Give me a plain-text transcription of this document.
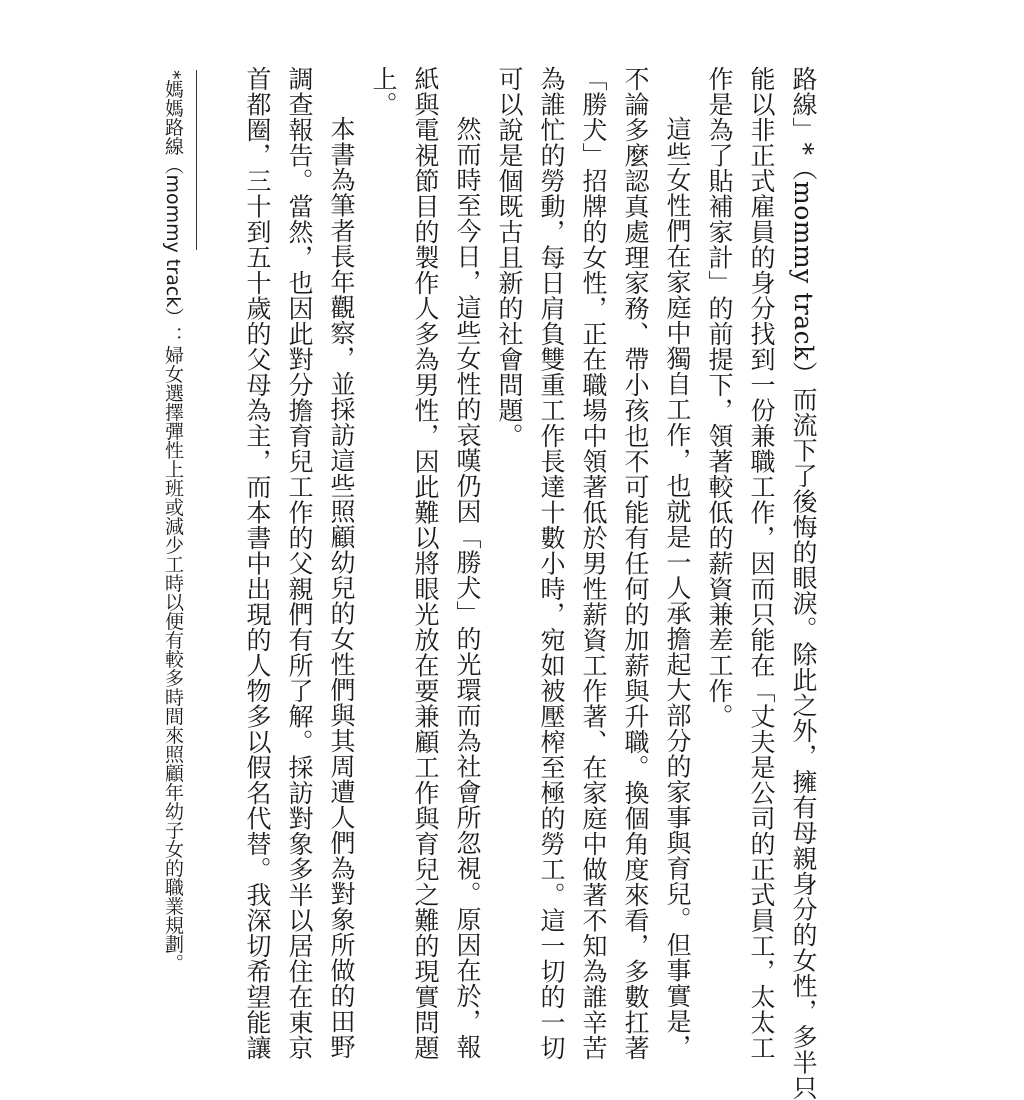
路線」*（mommy track）而流下了後悔的眼淚。除此之外，擁有母親身分的女性，多半只
能以非正式雇員的身分找到一份兼職工作，因而只能在「丈夫是公司的正式員工，太太工
作是為了貼補家計」的前提下，領著較低的薪資兼差工作。
這些女性們在家庭中獨自工作，也就是一人承擔起大部分的家事與育兒。但事實是，
不論多麼認真處理家務、帶小孩也不可能有任何的加薪與升職。換個角度來看，多數扛著
「勝犬」招牌的女性，正在職場中領著低於男性薪資工作著、在家庭中做著不知為誰辛苦
為誰忙的勞動，每日肩負雙重工作長達十數小時，宛如被壓榨至極的勞工。這一切的一切
可以說是個既古且新的社會問題。
然而時至今日，這些女性的哀嘆仍因「勝犬」的光環而為社會所忽視。原因在於，報
紙與電視節目的製作人多為男性，因此難以將眼光放在要兼顧工作與育兒之難的現實問題
上。
本書為筆者長年觀察，並採訪這些照顧幼兒的女性們與其周遭人們為對象所做的田野
調查報告。當然，也因此對分擔育兒工作的父親們有所了解。採訪對象多半以居住在東京
首都圈，三十到五十歲的父母為主，而本書中出現的人物多以假名代替。我深切希望能讓
*媽媽路線（mommy track）：婦女選擇彈性上班或減少工時以便有較多時間來照顧年幼子女的職業規劃。
